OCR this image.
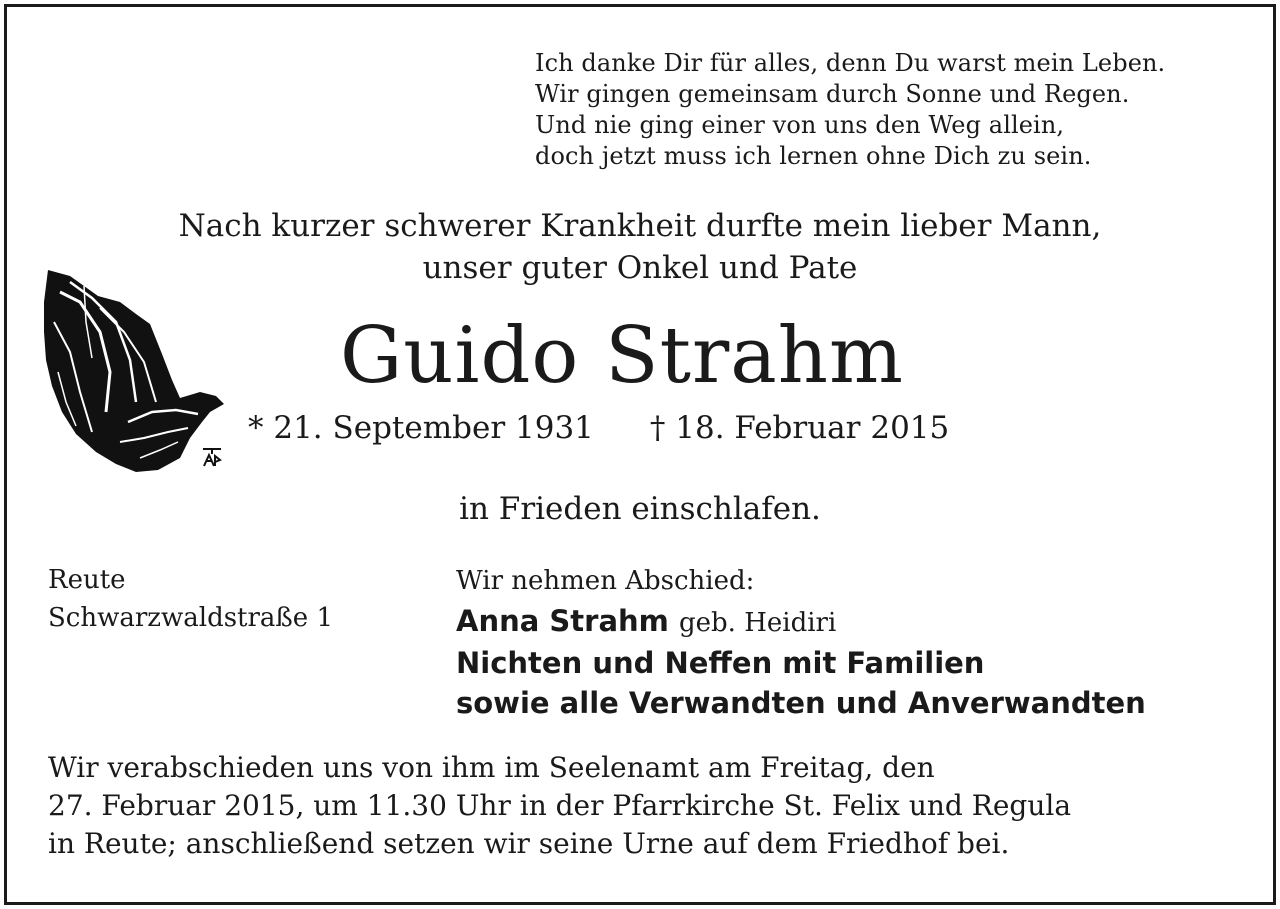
Ich danke Dir für alles, denn Du warst mein Leben.
Wir gingen gemeinsam durch Sonne und Regen.
Und nie ging einer von uns den Weg allein,
doch jetzt muss ich lernen ohne Dich zu sein.
Nach kurzer schwerer Krankheit durfte mein lieber Mann,
unser guter Onkel und Pate
Guido Strahm
* 21. September 1931 † 18. Februar 2015
in Frieden einschlafen.
Reute
Schwarzwaldstraße 1
Wir nehmen Abschied:
Anna Strahm geb. Heidiri
Nichten und Neffen mit Familien
sowie alle Verwandten und Anverwandten
Wir verabschieden uns von ihm im Seelenamt am Freitag, den
27. Februar 2015, um 11.30 Uhr in der Pfarrkirche St. Felix und Regula
in Reute; anschließend setzen wir seine Urne auf dem Friedhof bei.
